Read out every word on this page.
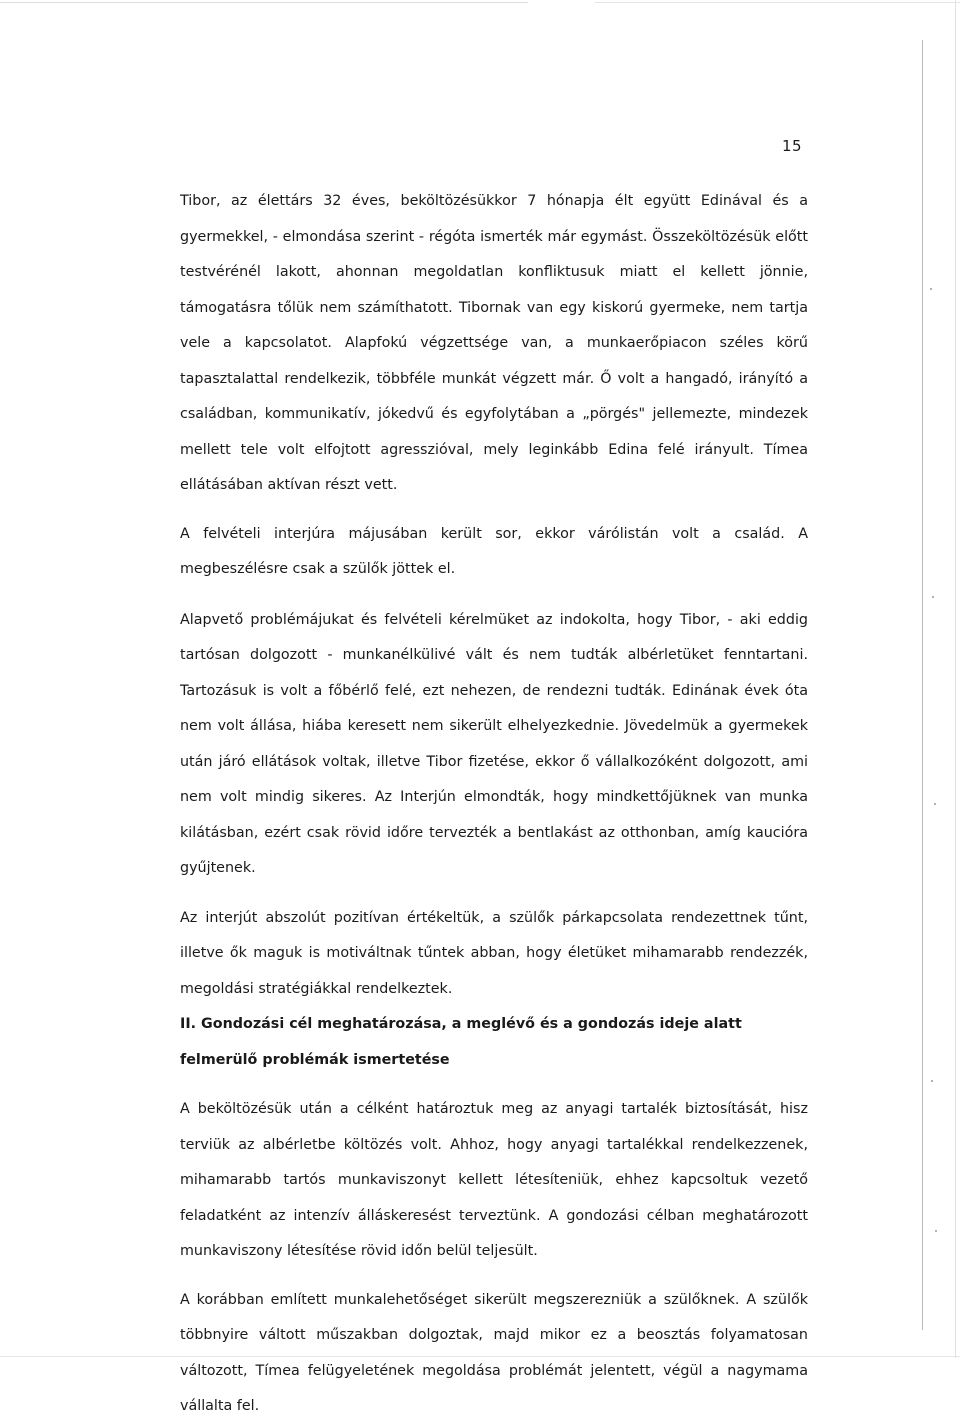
15

Tibor, az élettárs 32 éves, beköltözésükkor 7 hónapja élt együtt Edinával és a gyermekkel, - elmondása szerint - régóta ismerték már egymást. Összeköltözésük előtt testvérénél lakott, ahonnan megoldatlan konfliktusuk miatt el kellett jönnie, támogatásra tőlük nem számíthatott. Tibornak van egy kiskorú gyermeke, nem tartja vele a kapcsolatot. Alapfokú végzettsége van, a munkaerőpiacon széles körű tapasztalattal rendelkezik, többféle munkát végzett már. Ő volt a hangadó, irányító a családban, kommunikatív, jókedvű és egyfolytában a „pörgés" jellemezte, mindezek mellett tele volt elfojtott agresszióval, mely leginkább Edina felé irányult. Tímea ellátásában aktívan részt vett.

A felvételi interjúra májusában került sor, ekkor várólistán volt a család. A megbeszélésre csak a szülők jöttek el.

Alapvető problémájukat és felvételi kérelmüket az indokolta, hogy Tibor, - aki eddig tartósan dolgozott - munkanélkülivé vált és nem tudták albérletüket fenntartani. Tartozásuk is volt a főbérlő felé, ezt nehezen, de rendezni tudták. Edinának évek óta nem volt állása, hiába keresett nem sikerült elhelyezkednie. Jövedelmük a gyermekek után járó ellátások voltak, illetve Tibor fizetése, ekkor ő vállalkozóként dolgozott, ami nem volt mindig sikeres. Az Interjún elmondták, hogy mindkettőjüknek van munka kilátásban, ezért csak rövid időre tervezték a bentlakást az otthonban, amíg kaucióra gyűjtenek.

Az interjút abszolút pozitívan értékeltük, a szülők párkapcsolata rendezettnek tűnt, illetve ők maguk is motiváltnak tűntek abban, hogy életüket mihamarabb rendezzék, megoldási stratégiákkal rendelkeztek.

II. Gondozási cél meghatározása, a meglévő és a gondozás ideje alatt felmerülő problémák ismertetése

A beköltözésük után a célként határoztuk meg az anyagi tartalék biztosítását, hisz terviük az albérletbe költözés volt. Ahhoz, hogy anyagi tartalékkal rendelkezzenek, mihamarabb tartós munkaviszonyt kellett létesíteniük, ehhez kapcsoltuk vezető feladatként az intenzív álláskeresést terveztünk. A gondozási célban meghatározott munkaviszony létesítése rövid időn belül teljesült.

A korábban említett munkalehetőséget sikerült megszerezniük a szülőknek. A szülők többnyire váltott műszakban dolgoztak, majd mikor ez a beosztás folyamatosan változott, Tímea felügyeletének megoldása problémát jelentett, végül a nagymama vállalta fel.
